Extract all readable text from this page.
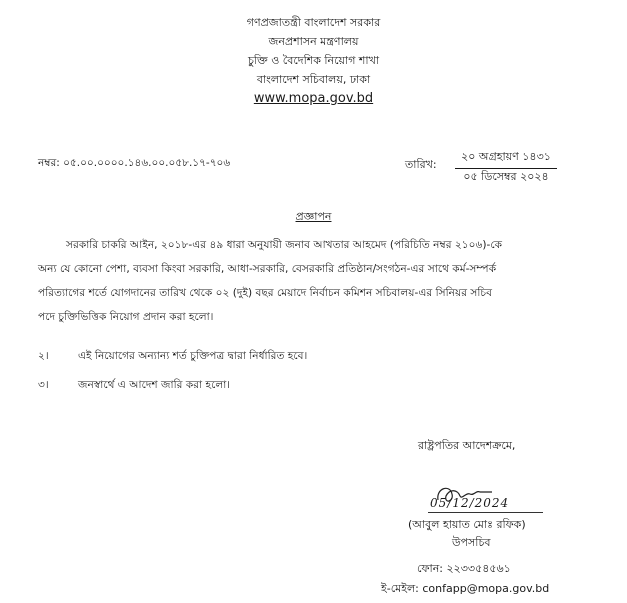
গণপ্রজাতন্ত্রী বাংলাদেশ সরকার
জনপ্রশাসন মন্ত্রণালয়
চুক্তি ও বৈদেশিক নিয়োগ শাখা
বাংলাদেশ সচিবালয়, ঢাকা
www.mopa.gov.bd
নম্বর: ০৫.০০.০০০০.১৪৬.০০.০৫৮.১৭-৭০৬	তারিখ:
২০ অগ্রহায়ণ ১৪৩১
০৫ ডিসেম্বর ২০২৪
প্রজ্ঞাপন
সরকারি চাকরি আইন, ২০১৮-এর ৪৯ ধারা অনুযায়ী জনাব আখতার আহমেদ (পরিচিতি নম্বর ২১০৬)-কে
অন্য যে কোনো পেশা, ব্যবসা কিংবা সরকারি, আধা-সরকারি, বেসরকারি প্রতিষ্ঠান/সংগঠন-এর সাথে কর্ম-সম্পর্ক
পরিত্যাগের শর্তে যোগদানের তারিখ থেকে ০২ (দুই) বছর মেয়াদে নির্বাচন কমিশন সচিবালয়-এর সিনিয়র সচিব
পদে চুক্তিভিত্তিক নিয়োগ প্রদান করা হলো।
২।	এই নিয়োগের অন্যান্য শর্ত চুক্তিপত্র দ্বারা নির্ধারিত হবে।
৩।	জনস্বার্থে এ আদেশ জারি করা হলো।
রাষ্ট্রপতির আদেশক্রমে,
05/12/2024
(আবুল হায়াত মোঃ রফিক)
উপসচিব
ফোন: ২২৩৩৫৪৫৬১
ই-মেইল: confapp@mopa.gov.bd
